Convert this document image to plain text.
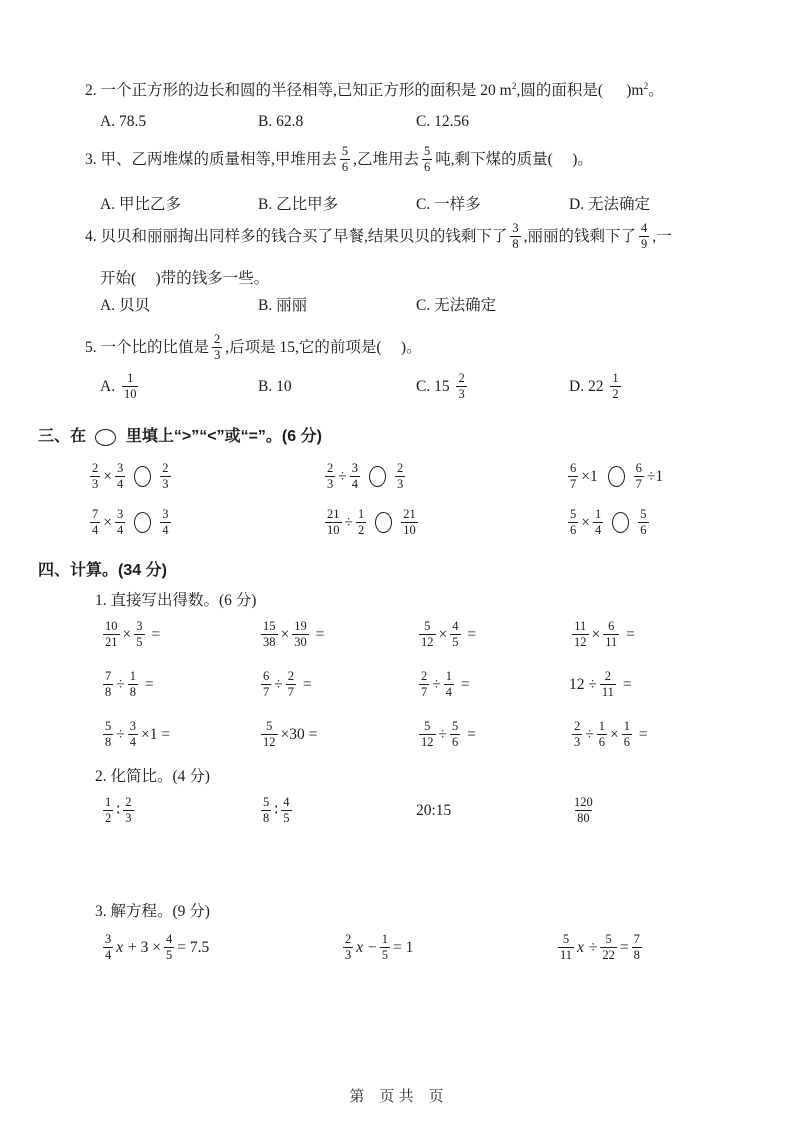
2. 一个正方形的边长和圆的半径相等,已知正方形的面积是 20 m 2 ,圆的面积是(      )m 2 。
A. 78.5	B. 62.8	C. 12.56
3. 甲、乙两堆煤的质量相等,甲堆用去 $\frac{5}{6}$ ,乙堆用去 $\frac{5}{6}$ 吨,剩下煤的质量(     )。
A. 甲比乙多	B. 乙比甲多	C. 一样多	D. 无法确定
4. 贝贝和丽丽掏出同样多的钱合买了早餐,结果贝贝的钱剩下了 $\frac{3}{8}$ ,丽丽的钱剩下了 $\frac{4}{9}$ ,一
开始(     )带的钱多一些。
A. 贝贝	B. 丽丽	C. 无法确定
5. 一个比的比值是 $\frac{2}{3}$ ,后项是 15,它的前项是(     )。
A. $\frac{1}{10}$	B. 10	C. $15 \frac{2}{3}$	D. $22 \frac{1}{2}$
三、在 里填上“>”“<”或“=”。(6 分)
$\frac{2}{3} \times \frac{3}{4}$	$\frac{2}{3}$	$\frac{2}{3} \div \frac{3}{4}$	$\frac{2}{3}$	$\frac{6}{7} \times 1$	$\frac{6}{7} \div 1$
$\frac{7}{4} \times \frac{3}{4}$	$\frac{3}{4}$	$\frac{21}{10} \div \frac{1}{2}$	$\frac{21}{10}$	$\frac{5}{6} \times \frac{1}{4}$	$\frac{5}{6}$
四、计算。(34 分)
1. 直接写出得数。(6 分)
$\frac{10}{21} \times \frac{3}{5}$ =	$\frac{15}{38} \times \frac{19}{30}$ =	$\frac{5}{12} \times \frac{4}{5}$ =	$\frac{11}{12} \times \frac{6}{11}$ =
$\frac{7}{8} \div \frac{1}{8}$ =	$\frac{6}{7} \div \frac{2}{7}$ =	$\frac{2}{7} \div \frac{1}{4}$ =	$12 \div \frac{2}{11}$ =
$\frac{5}{8} \div \frac{3}{4} \times 1$ =	$\frac{5}{12} \times 30$ =	$\frac{5}{12} \div \frac{5}{6}$ =	$\frac{2}{3} \div \frac{1}{6} \times \frac{1}{6}$ =
2. 化简比。(4 分)
$\frac{1}{2}$ ∶ $\frac{2}{3}$	$\frac{5}{8}$ ∶ $\frac{4}{5}$	20:15	$\frac{120}{80}$
3. 解方程。(9 分)
$\frac{3}{4}$ $x + 3 \times \frac{4}{5} = 7.5$	$\frac{2}{3}$ $x - \frac{1}{5} = 1$	$\frac{5}{11}$ $x \div \frac{5}{22} = \frac{7}{8}$
第　页 共　页
